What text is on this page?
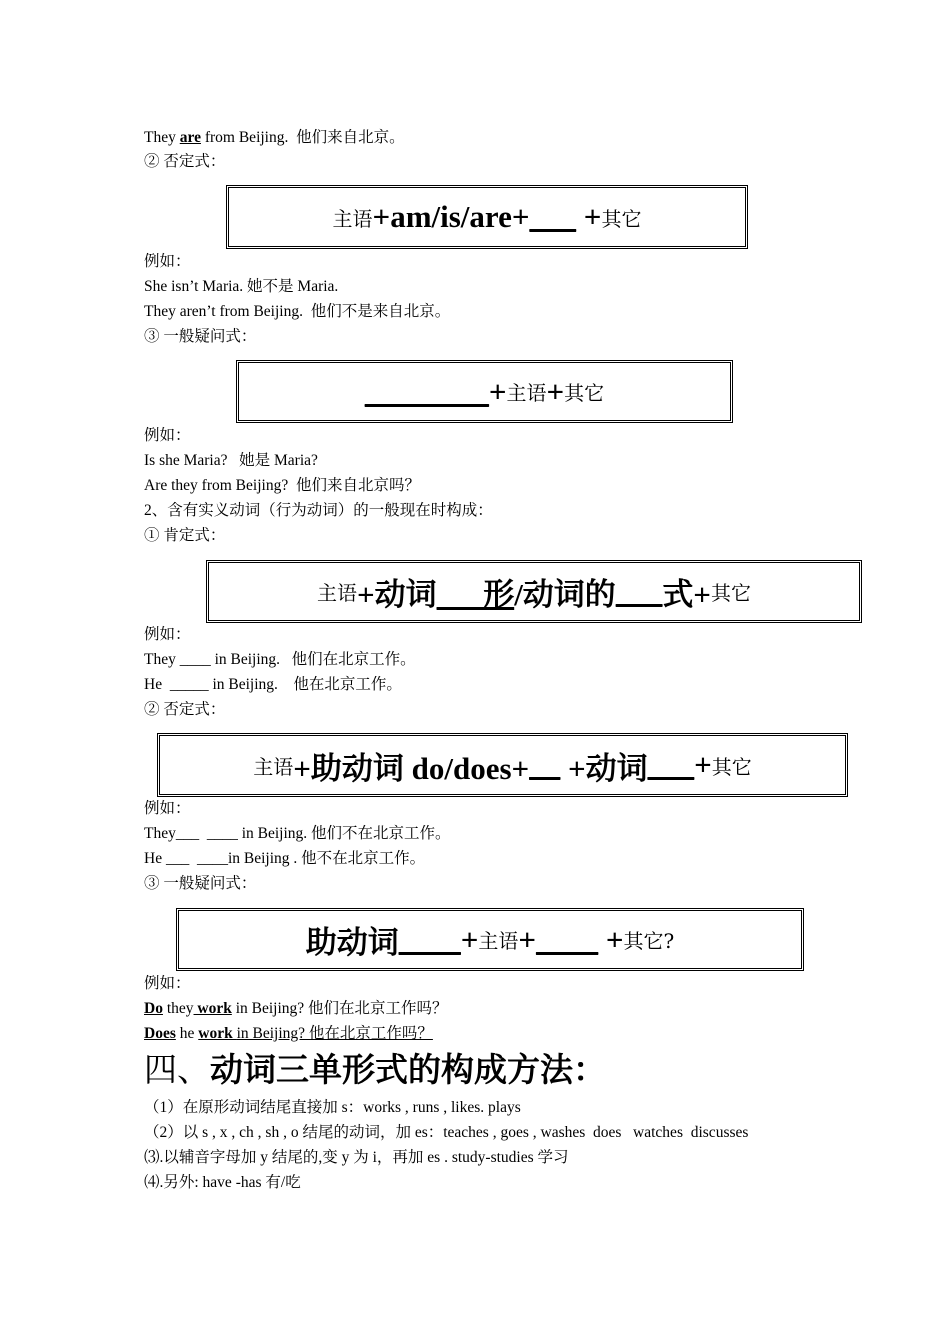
They are from Beijing.  他们来自北京。
② 否定式：
主语 +am/is/are+ ___ + 其它
例如：
She isn’t Maria. 她不是 Maria.
They aren’t from Beijing.  他们不是来自北京。
③ 一般疑问式：
________ + 主语 + 其它
例如：
Is she Maria?   她是 Maria?
Are they from Beijing?  他们来自北京吗？
2、含有实义动词（行为动词）的一般现在时构成：
① 肯定式：
主语 +动词 ___形 /动词的 ___ 式+ 其它
例如：
They ____ in Beijing.   他们在北京工作。
He  _____ in Beijing.    他在北京工作。
② 否定式：
主语 +助动词 do/does+ __ +动词 ___ + 其它
例如：
They___  ____ in Beijing. 他们不在北京工作。
He ___  ____in Beijing . 他不在北京工作。
③ 一般疑问式：
助动词 ____ + 主语 + ____ + 其它?
例如：
Do they work in Beijing? 他们在北京工作吗？
Does he work in Beijing? 他在北京工作吗？
四、动词三单形式的构成方法：
（1）在原形动词结尾直接加 s：works , runs , likes. plays
（2）以 s , x , ch , sh , o 结尾的动词，加 es：teaches , goes , washes  does   watches  discusses
⑶.以辅音字母加 y 结尾的,变 y 为 i，再加 es . study-studies 学习
⑷.另外: have -has 有/吃
